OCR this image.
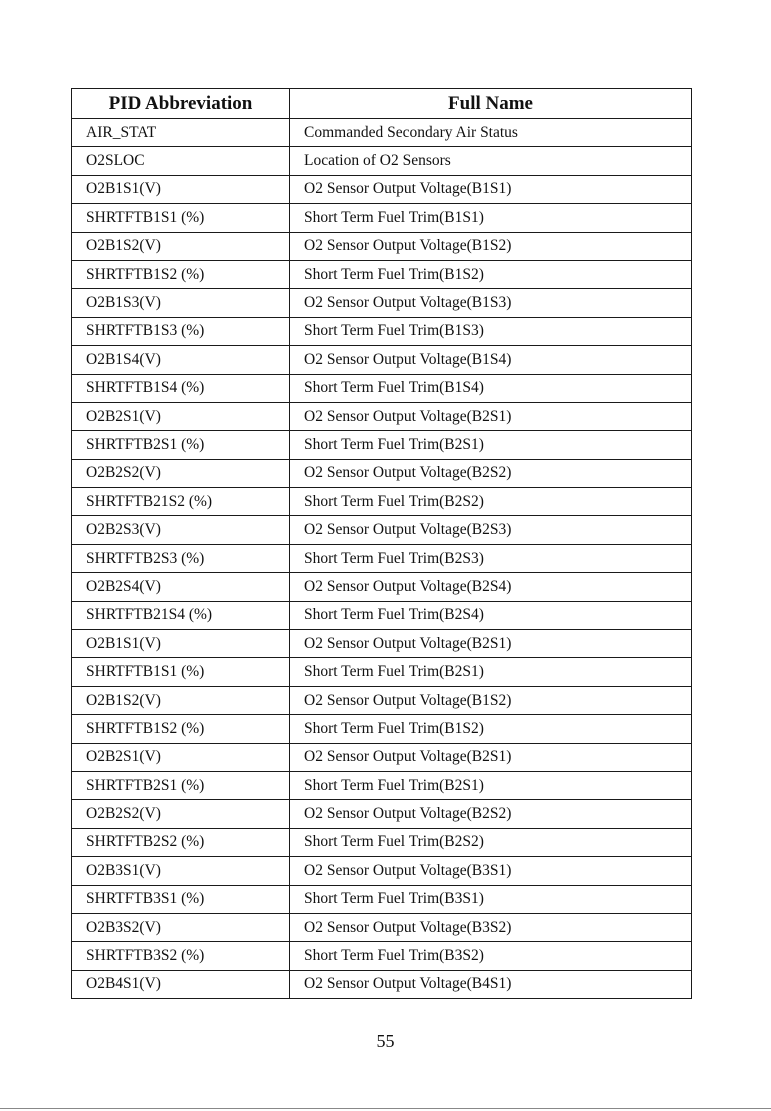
PID Abbreviation	Full Name
AIR_STAT	Commanded Secondary Air Status
O2SLOC	Location of O2 Sensors
O2B1S1(V)	O2 Sensor Output Voltage(B1S1)
SHRTFTB1S1 (%)	Short Term Fuel Trim(B1S1)
O2B1S2(V)	O2 Sensor Output Voltage(B1S2)
SHRTFTB1S2 (%)	Short Term Fuel Trim(B1S2)
O2B1S3(V)	O2 Sensor Output Voltage(B1S3)
SHRTFTB1S3 (%)	Short Term Fuel Trim(B1S3)
O2B1S4(V)	O2 Sensor Output Voltage(B1S4)
SHRTFTB1S4 (%)	Short Term Fuel Trim(B1S4)
O2B2S1(V)	O2 Sensor Output Voltage(B2S1)
SHRTFTB2S1 (%)	Short Term Fuel Trim(B2S1)
O2B2S2(V)	O2 Sensor Output Voltage(B2S2)
SHRTFTB21S2 (%)	Short Term Fuel Trim(B2S2)
O2B2S3(V)	O2 Sensor Output Voltage(B2S3)
SHRTFTB2S3 (%)	Short Term Fuel Trim(B2S3)
O2B2S4(V)	O2 Sensor Output Voltage(B2S4)
SHRTFTB21S4 (%)	Short Term Fuel Trim(B2S4)
O2B1S1(V)	O2 Sensor Output Voltage(B2S1)
SHRTFTB1S1 (%)	Short Term Fuel Trim(B2S1)
O2B1S2(V)	O2 Sensor Output Voltage(B1S2)
SHRTFTB1S2 (%)	Short Term Fuel Trim(B1S2)
O2B2S1(V)	O2 Sensor Output Voltage(B2S1)
SHRTFTB2S1 (%)	Short Term Fuel Trim(B2S1)
O2B2S2(V)	O2 Sensor Output Voltage(B2S2)
SHRTFTB2S2 (%)	Short Term Fuel Trim(B2S2)
O2B3S1(V)	O2 Sensor Output Voltage(B3S1)
SHRTFTB3S1 (%)	Short Term Fuel Trim(B3S1)
O2B3S2(V)	O2 Sensor Output Voltage(B3S2)
SHRTFTB3S2 (%)	Short Term Fuel Trim(B3S2)
O2B4S1(V)	O2 Sensor Output Voltage(B4S1)
55
